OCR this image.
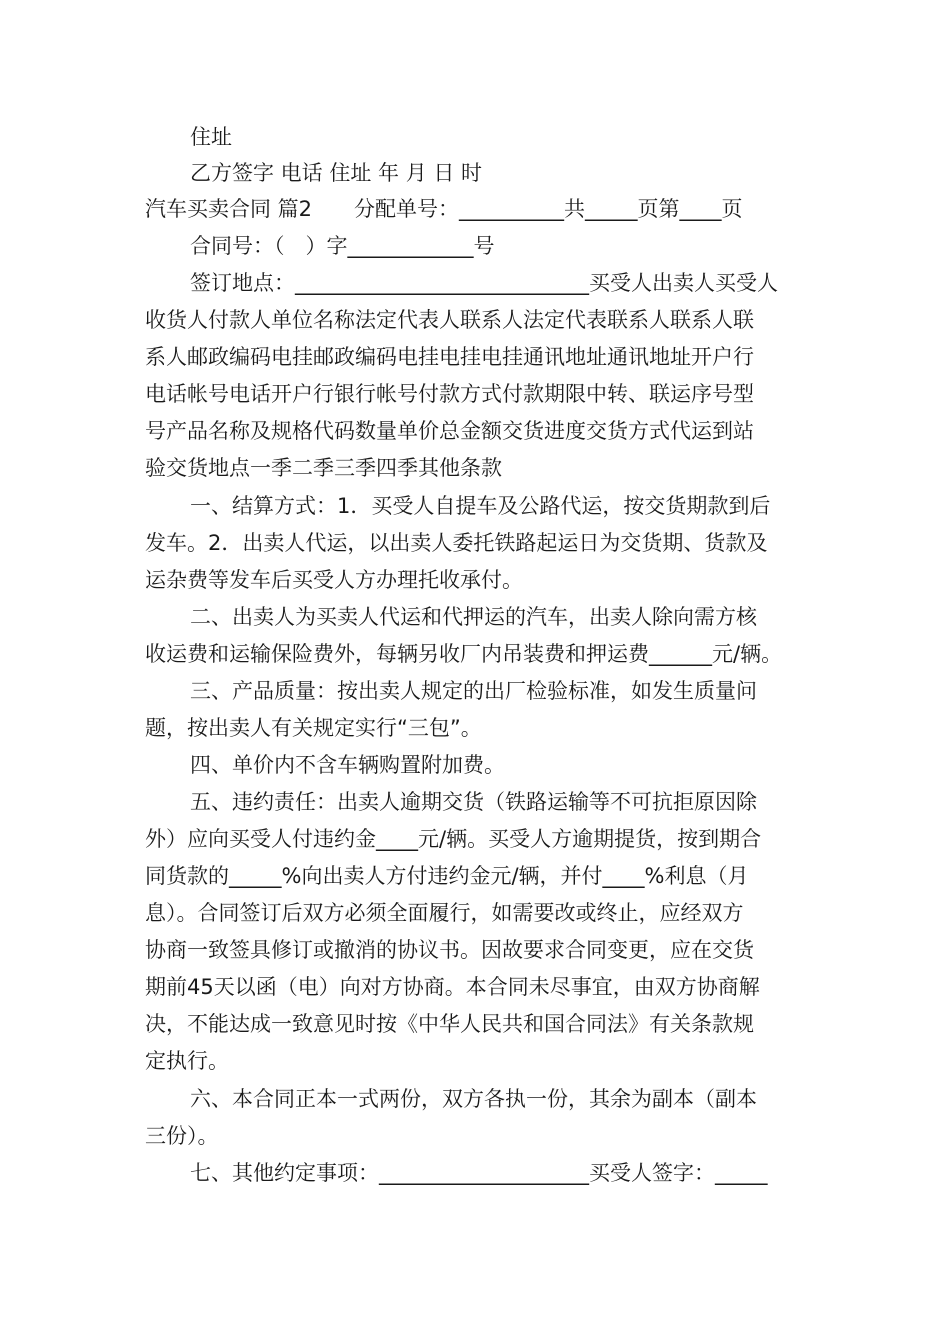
住址
乙方签字 电话 住址 年 月 日 时
汽车买卖合同 篇2　　分配单号：__________共_____页第____页
合同号：（　）字____________号
签订地点：____________________________买受人出卖人买受人
收货人付款人单位名称法定代表人联系人法定代表联系人联系人联
系人邮政编码电挂邮政编码电挂电挂电挂通讯地址通讯地址开户行
电话帐号电话开户行银行帐号付款方式付款期限中转、联运序号型
号产品名称及规格代码数量单价总金额交货进度交货方式代运到站
验交货地点一季二季三季四季其他条款
一、结算方式：1．买受人自提车及公路代运，按交货期款到后
发车。2．出卖人代运，以出卖人委托铁路起运日为交货期、货款及
运杂费等发车后买受人方办理托收承付。
二、出卖人为买卖人代运和代押运的汽车，出卖人除向需方核
收运费和运输保险费外，每辆另收厂内吊装费和押运费______元/辆。
三、产品质量：按出卖人规定的出厂检验标准，如发生质量问
题，按出卖人有关规定实行“三包”。
四、单价内不含车辆购置附加费。
五、违约责任：出卖人逾期交货（铁路运输等不可抗拒原因除
外）应向买受人付违约金____元/辆。买受人方逾期提货，按到期合
同货款的_____%向出卖人方付违约金元/辆，并付____%利息（月
息）。合同签订后双方必须全面履行，如需要改或终止，应经双方
协商一致签具修订或撤消的协议书。因故要求合同变更，应在交货
期前45天以函（电）向对方协商。本合同未尽事宜，由双方协商解
决，不能达成一致意见时按《中华人民共和国合同法》有关条款规
定执行。
六、本合同正本一式两份，双方各执一份，其余为副本（副本
三份）。
七、其他约定事项：____________________买受人签字：_____
